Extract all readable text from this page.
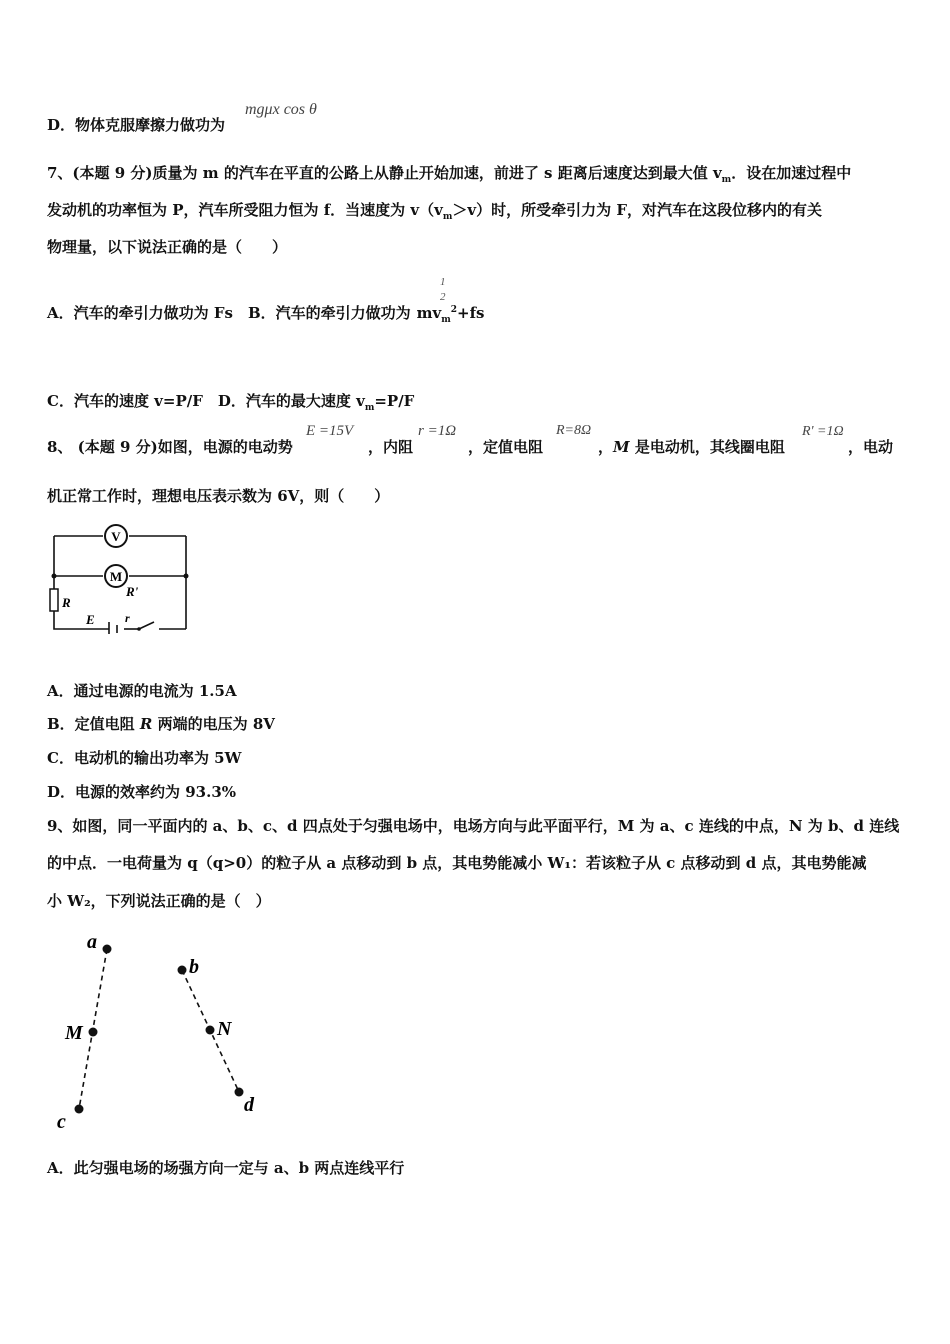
D．物体克服摩擦力做功为
mgμx cos θ
7、(本题 9 分)质量为 m 的汽车在平直的公路上从静止开始加速，前进了 s 距离后速度达到最大值 $v_m$．设在加速过程中
发动机的功率恒为 P，汽车所受阻力恒为 f．当速度为 $v(v_m>v)$时，所受牵引力为 F，对汽车在这段位移内的有关
物理量，以下说法正确的是（　　）
1
2
A．汽车的牵引力做功为 Fs　B．汽车的牵引力做功为 $mv_m^2+fs$
C．汽车的速度 v=P/F　D．汽车的最大速度 $v_m=P/F$
8、 (本题 9 分)如图，电源的电动势
E =15V
，内阻
r =1Ω
，定值电阻
R=8Ω
，M 是电动机，其线圈电阻
R' =1Ω
，电动
机正常工作时，理想电压表示数为 6V，则（　　）
V
M
R'
R
E	r
A．通过电源的电流为 1.5A
B．定值电阻 R 两端的电压为 8V
C．电动机的输出功率为 5W
D．电源的效率约为 93.3%
9、如图，同一平面内的 a、b、c、d 四点处于匀强电场中，电场方向与此平面平行，M 为 a、c 连线的中点，N 为 b、d 连线
的中点．一电荷量为 q（q>0）的粒子从 a 点移动到 b 点，其电势能减小 W₁：若该粒子从 c 点移动到 d 点，其电势能减
小 W₂，下列说法正确的是（　）
a
M
c
b
N
d
A．此匀强电场的场强方向一定与 a、b 两点连线平行
